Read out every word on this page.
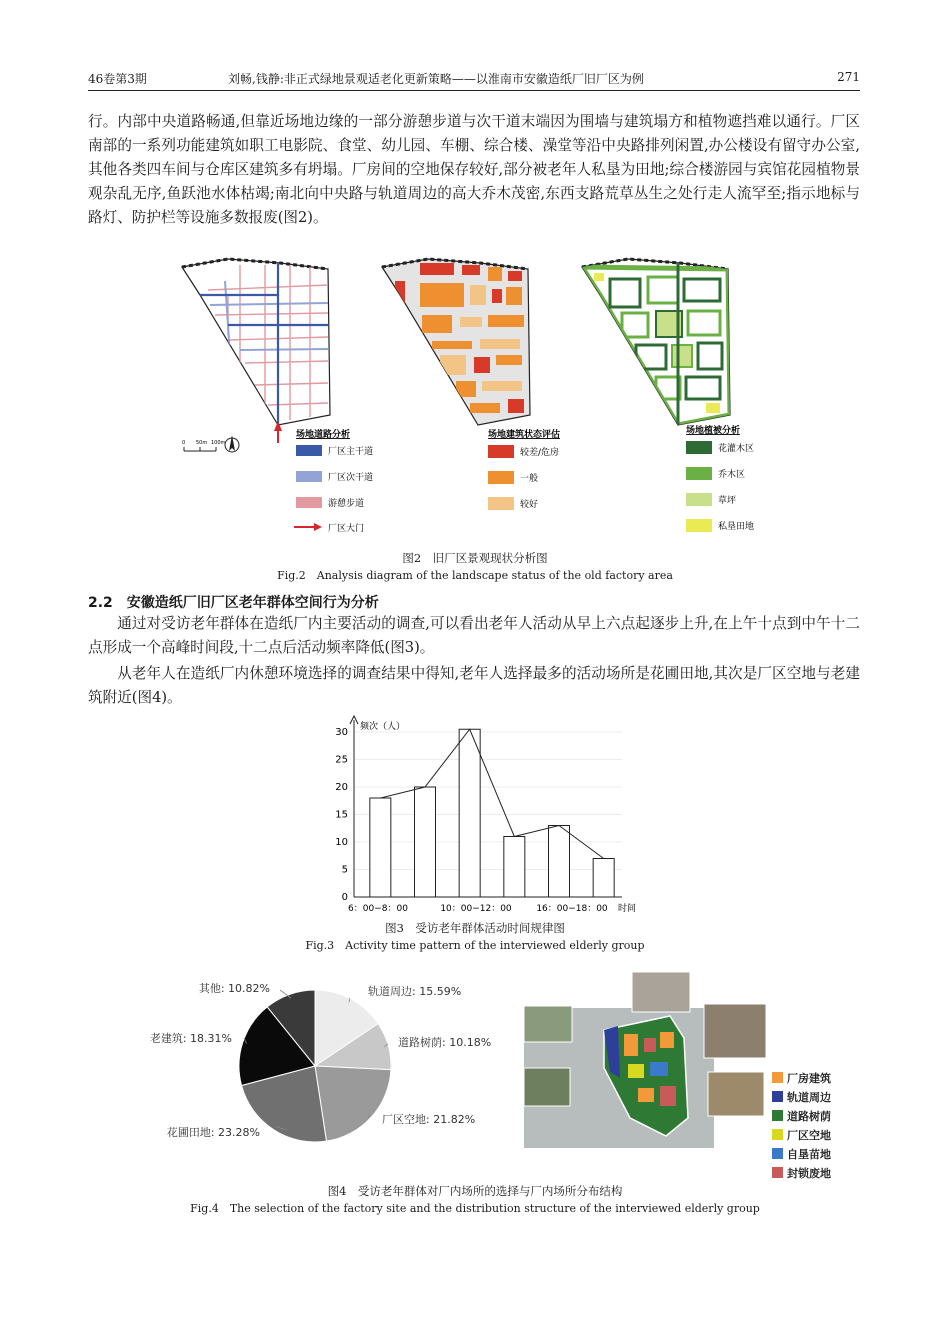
46卷第3期	刘畅,钱静:非正式绿地景观适老化更新策略——以淮南市安徽造纸厂旧厂区为例	271

行。内部中央道路畅通,但靠近场地边缘的一部分游憩步道与次干道末端因为围墙与建筑塌方和植物遮挡难以通行。厂区南部的一系列功能建筑如职工电影院、食堂、幼儿园、车棚、综合楼、澡堂等沿中央路排列闲置,办公楼设有留守办公室,其他各类四车间与仓库区建筑多有坍塌。厂房间的空地保存较好,部分被老年人私垦为田地;综合楼游园与宾馆花园植物景观杂乱无序,鱼跃池水体枯竭;南北向中央路与轨道周边的高大乔木茂密,东西支路荒草丛生之处行走人流罕至;指示地标与路灯、防护栏等设施多数报废(图2)。

0 50m 100m
场地道路分析
厂区主干道
厂区次干道
游憩步道
厂区大门
场地建筑状态评估
较差/危房
一般
较好
场地植被分析
花灌木区
乔木区
草坪
私垦田地
图2　旧厂区景观现状分析图
Fig.2　Analysis diagram of the landscape status of the old factory area
2.2　安徽造纸厂旧厂区老年群体空间行为分析

通过对受访老年群体在造纸厂内主要活动的调查,可以看出老年人活动从早上六点起逐步上升,在上午十点到中午十二点形成一个高峰时间段,十二点后活动频率降低(图3)。

从老年人在造纸厂内休憩环境选择的调查结果中得知,老年人选择最多的活动场所是花圃田地,其次是厂区空地与老建筑附近(图4)。

频次（人）
时间
0
5
10
15
20
25
30
6：00−8：00	10：00−12：00	16：00−18：00
图3　受访老年群体活动时间规律图
Fig.3　Activity time pattern of the interviewed elderly group
轨道周边: 15.59%
道路树荫: 10.18%
厂区空地: 21.82%
花圃田地: 23.28%
老建筑: 18.31%
其他: 10.82%
厂房建筑
轨道周边
道路树荫
厂区空地
自垦苗地
封锁废地
图4　受访老年群体对厂内场所的选择与厂内场所分布结构
Fig.4　The selection of the factory site and the distribution structure of the interviewed elderly group
